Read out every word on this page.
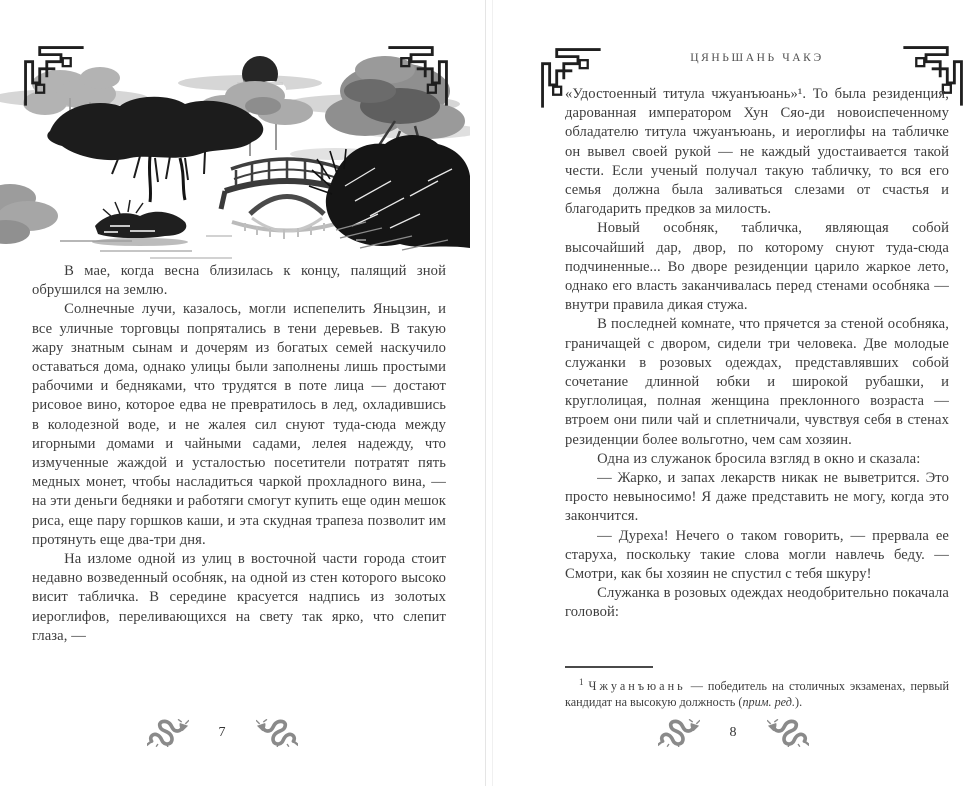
В мае, когда весна близилась к концу, палящий зной обрушился на землю.

Солнечные лучи, казалось, могли испепелить Яньцзин, и все уличные торговцы попрятались в тени деревьев. В такую жару знатным сынам и дочерям из богатых семей наскучило оставаться дома, однако улицы были заполнены лишь простыми рабочими и бедняками, что трудятся в поте лица — достают рисовое вино, которое едва не превратилось в лед, охладившись в колодезной воде, и не жалея сил снуют туда-сюда между игорными домами и чайными садами, лелея надежду, что измученные жаждой и усталостью посетители потратят пять медных монет, чтобы насладиться чаркой прохладного вина, — на эти деньги бедняки и работяги смогут купить еще один мешок риса, еще пару горшков каши, и эта скудная трапеза позволит им протянуть еще два-три дня.

На изломе одной из улиц в восточной части города стоит недавно возведенный особняк, на одной из стен которого высоко висит табличка. В середине красуется надпись из золотых иероглифов, переливающихся на свету так ярко, что слепит глаза, —

7
ЦЯНЬШАНЬ ЧАКЭ

«Удостоенный титула чжуанъюань»¹. То была резиденция, дарованная императором Хун Сяо-ди новоиспеченному обладателю титула чжуанъюань, и иероглифы на табличке он вывел своей рукой — не каждый удостаивается такой чести. Если ученый получал такую табличку, то вся его семья должна была заливаться слезами от счастья и благодарить предков за милость.

Новый особняк, табличка, являющая собой высочайший дар, двор, по которому снуют туда-сюда подчиненные... Во дворе резиденции царило жаркое лето, однако его власть заканчивалась перед стенами особняка — внутри правила дикая стужа.

В последней комнате, что прячется за стеной особняка, граничащей с двором, сидели три человека. Две молодые служанки в розовых одеждах, представлявших собой сочетание длинной юбки и широкой рубашки, и круглолицая, полная женщина преклонного возраста — втроем они пили чай и сплетничали, чувствуя себя в стенах резиденции более вольготно, чем сам хозяин.

Одна из служанок бросила взгляд в окно и сказала:

— Жарко, и запах лекарств никак не выветрится. Это просто невыносимо! Я даже представить не могу, когда это закончится.

— Дуреха! Нечего о таком говорить, — прервала ее старуха, поскольку такие слова могли навлечь беду. — Смотри, как бы хозяин не спустил с тебя шкуру!

Служанка в розовых одеждах неодобрительно покачала головой:

$^1$ Чжуанъюань — победитель на столичных экзаменах, первый кандидат на высокую должность (прим. ред.).

8
